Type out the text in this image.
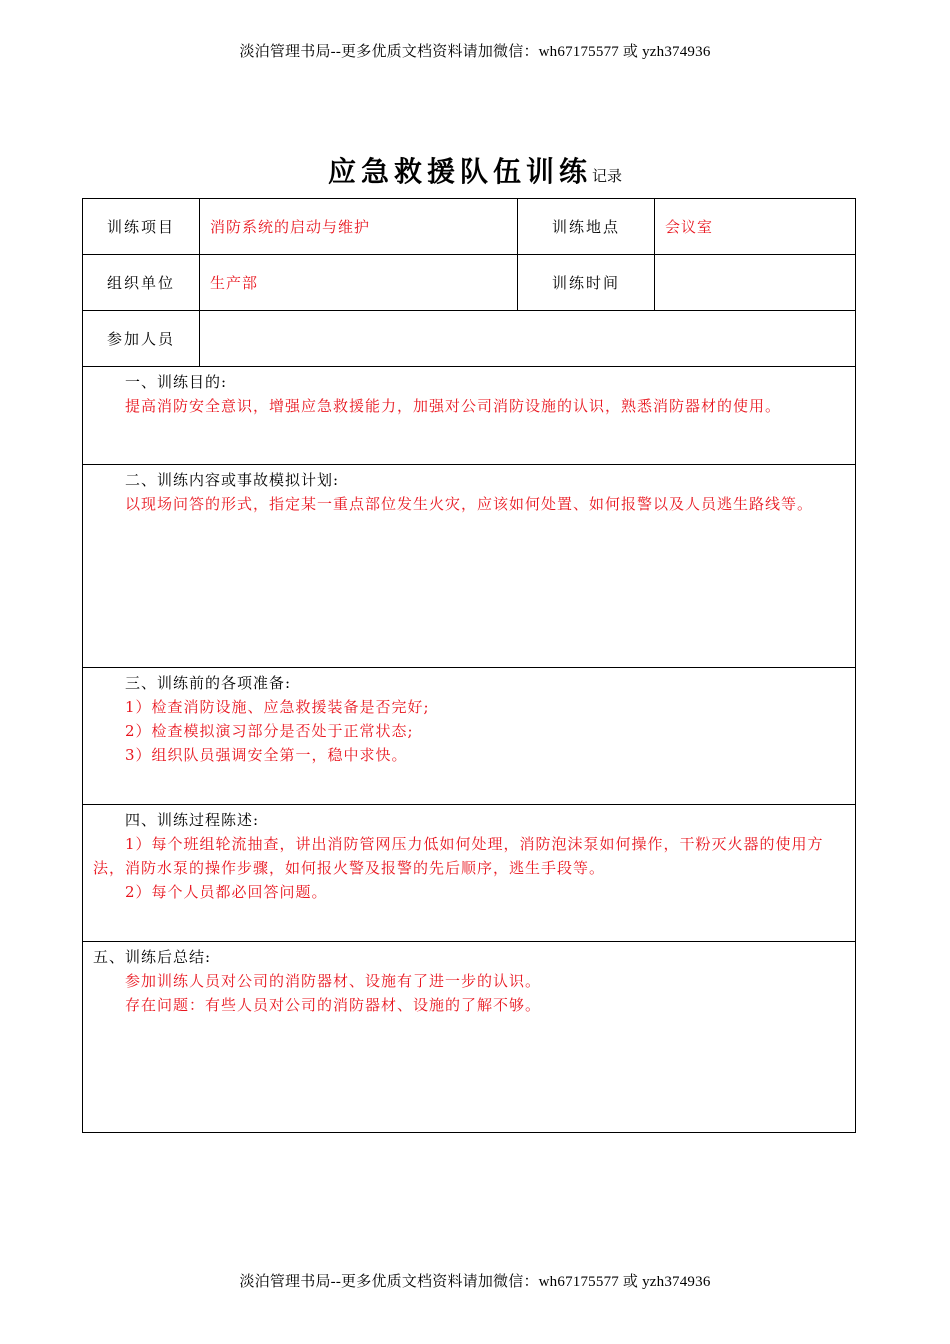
淡泊管理书局--更多优质文档资料请加微信：wh67175577 或 yzh374936
应急救援队伍训练记录
训练项目	消防系统的启动与维护	训练地点	会议室
组织单位	生产部	训练时间	
参加人员			

一、训练目的:
提高消防安全意识，增强应急救援能力，加强对公司消防设施的认识，熟悉消防器材的使用。			

二、训练内容或事故模拟计划:
以现场问答的形式，指定某一重点部位发生火灾，应该如何处置、如何报警以及人员逃生路线等。			

三、训练前的各项准备:
1）检查消防设施、应急救援装备是否完好;
2）检查模拟演习部分是否处于正常状态;
3）组织队员强调安全第一，稳中求快。			

四、训练过程陈述:
1）每个班组轮流抽查，讲出消防管网压力低如何处理，消防泡沫泵如何操作，干粉灭火器的使用方法，消防水泵的操作步骤，如何报火警及报警的先后顺序，逃生手段等。
2）每个人员都必回答问题。			

五、训练后总结:
参加训练人员对公司的消防器材、设施有了进一步的认识。
存在问题：有些人员对公司的消防器材、设施的了解不够。			
淡泊管理书局--更多优质文档资料请加微信：wh67175577 或 yzh374936
